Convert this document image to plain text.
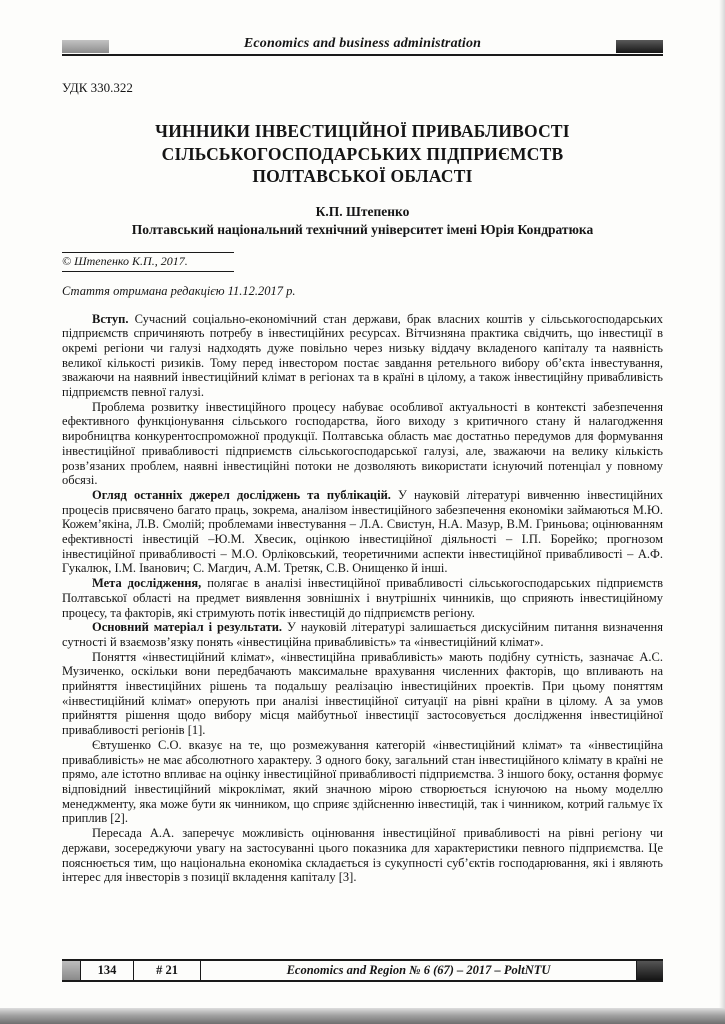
Economics and business administration
УДК 330.322
ЧИННИКИ ІНВЕСТИЦІЙНОЇ ПРИВАБЛИВОСТІ
СІЛЬСЬКОГОСПОДАРСЬКИХ ПІДПРИЄМСТВ
ПОЛТАВСЬКОЇ ОБЛАСТІ
К.П. Штепенко
Полтавський національний технічний університет імені Юрія Кондратюка
© Штепенко К.П., 2017.
Стаття отримана редакцією 11.12.2017 р.

Вступ. Сучасний соціально-економічний стан держави, брак власних коштів у сільськогосподарських підприємств спричиняють потребу в інвестиційних ресурсах. Вітчизняна практика свідчить, що інвестиції в окремі регіони чи галузі надходять дуже повільно через низьку віддачу вкладеного капіталу та наявність великої кількості ризиків. Тому перед інвестором постає завдання ретельного вибору об’єкта інвестування, зважаючи на наявний інвестиційний клімат в регіонах та в країні в цілому, а також інвестиційну привабливість підприємств певної галузі.

Проблема розвитку інвестиційного процесу набуває особливої актуальності в контексті забезпечення ефективного функціонування сільського господарства, його виходу з критичного стану й налагодження виробництва конкурентоспроможної продукції. Полтавська область має достатньо передумов для формування інвестиційної привабливості підприємств сільськогосподарської галузі, але, зважаючи на велику кількість розв’язаних проблем, наявні інвестиційні потоки не дозволяють використати існуючий потенціал у повному обсязі.

Огляд останніх джерел досліджень та публікацій. У науковій літературі вивченню інвестиційних процесів присвячено багато праць, зокрема, аналізом інвестиційного забезпечення економіки займаються М.Ю. Кожем’якіна, Л.В. Смолій; проблемами інвестування – Л.А. Свистун, Н.А. Мазур, В.М. Гриньова; оцінюванням ефективності інвестицій –Ю.М. Хвесик, оцінкою інвестиційної діяльності – І.П. Борейко; прогнозом інвестиційної привабливості – М.О. Орліковський, теоретичними аспекти інвестиційної привабливості – А.Ф. Гукалюк, І.М. Іванович; С. Магдич, А.М. Третяк, С.В. Онищенко й інші.

Мета дослідження, полягає в аналізі інвестиційної привабливості сільськогосподарських підприємств Полтавської області на предмет виявлення зовнішніх і внутрішніх чинників, що сприяють інвестиційному процесу, та факторів, які стримують потік інвестицій до підприємств регіону.

Основний матеріал і результати. У науковій літературі залишається дискусійним питання визначення сутності й взаємозв’язку понять «інвестиційна привабливість» та «інвестиційний клімат».

Поняття «інвестиційний клімат», «інвестиційна привабливість» мають подібну сутність, зазначає А.С. Музиченко, оскільки вони передбачають максимальне врахування численних факторів, що впливають на прийняття інвестиційних рішень та подальшу реалізацію інвестиційних проектів. При цьому поняттям «інвестиційний клімат» оперують при аналізі інвестиційної ситуації на рівні країни в цілому. А за умов прийняття рішення щодо вибору місця майбутньої інвестиції застосовується дослідження інвестиційної привабливості регіонів [1].

Євтушенко С.О. вказує на те, що розмежування категорій «інвестиційний клімат» та «інвестиційна привабливість» не має абсолютного характеру. З одного боку, загальний стан інвестиційного клімату в країні не прямо, але істотно впливає на оцінку інвестиційної привабливості підприємства. З іншого боку, остання формує відповідний інвестиційний мікроклімат, який значною мірою створюється існуючою на ньому моделлю менеджменту, яка може бути як чинником, що сприяє здійсненню інвестицій, так і чинником, котрий гальмує їх приплив [2].

Пересада А.А. заперечує можливість оцінювання інвестиційної привабливості на рівні регіону чи держави, зосереджуючи увагу на застосуванні цього показника для характеристики певного підприємства. Це пояснюється тим, що національна економіка складається із сукупності суб’єктів господарювання, які і являють інтерес для інвесторів з позиції вкладення капіталу [3].

134	# 21	Economics and Region № 6 (67) – 2017 – PoltNTU
